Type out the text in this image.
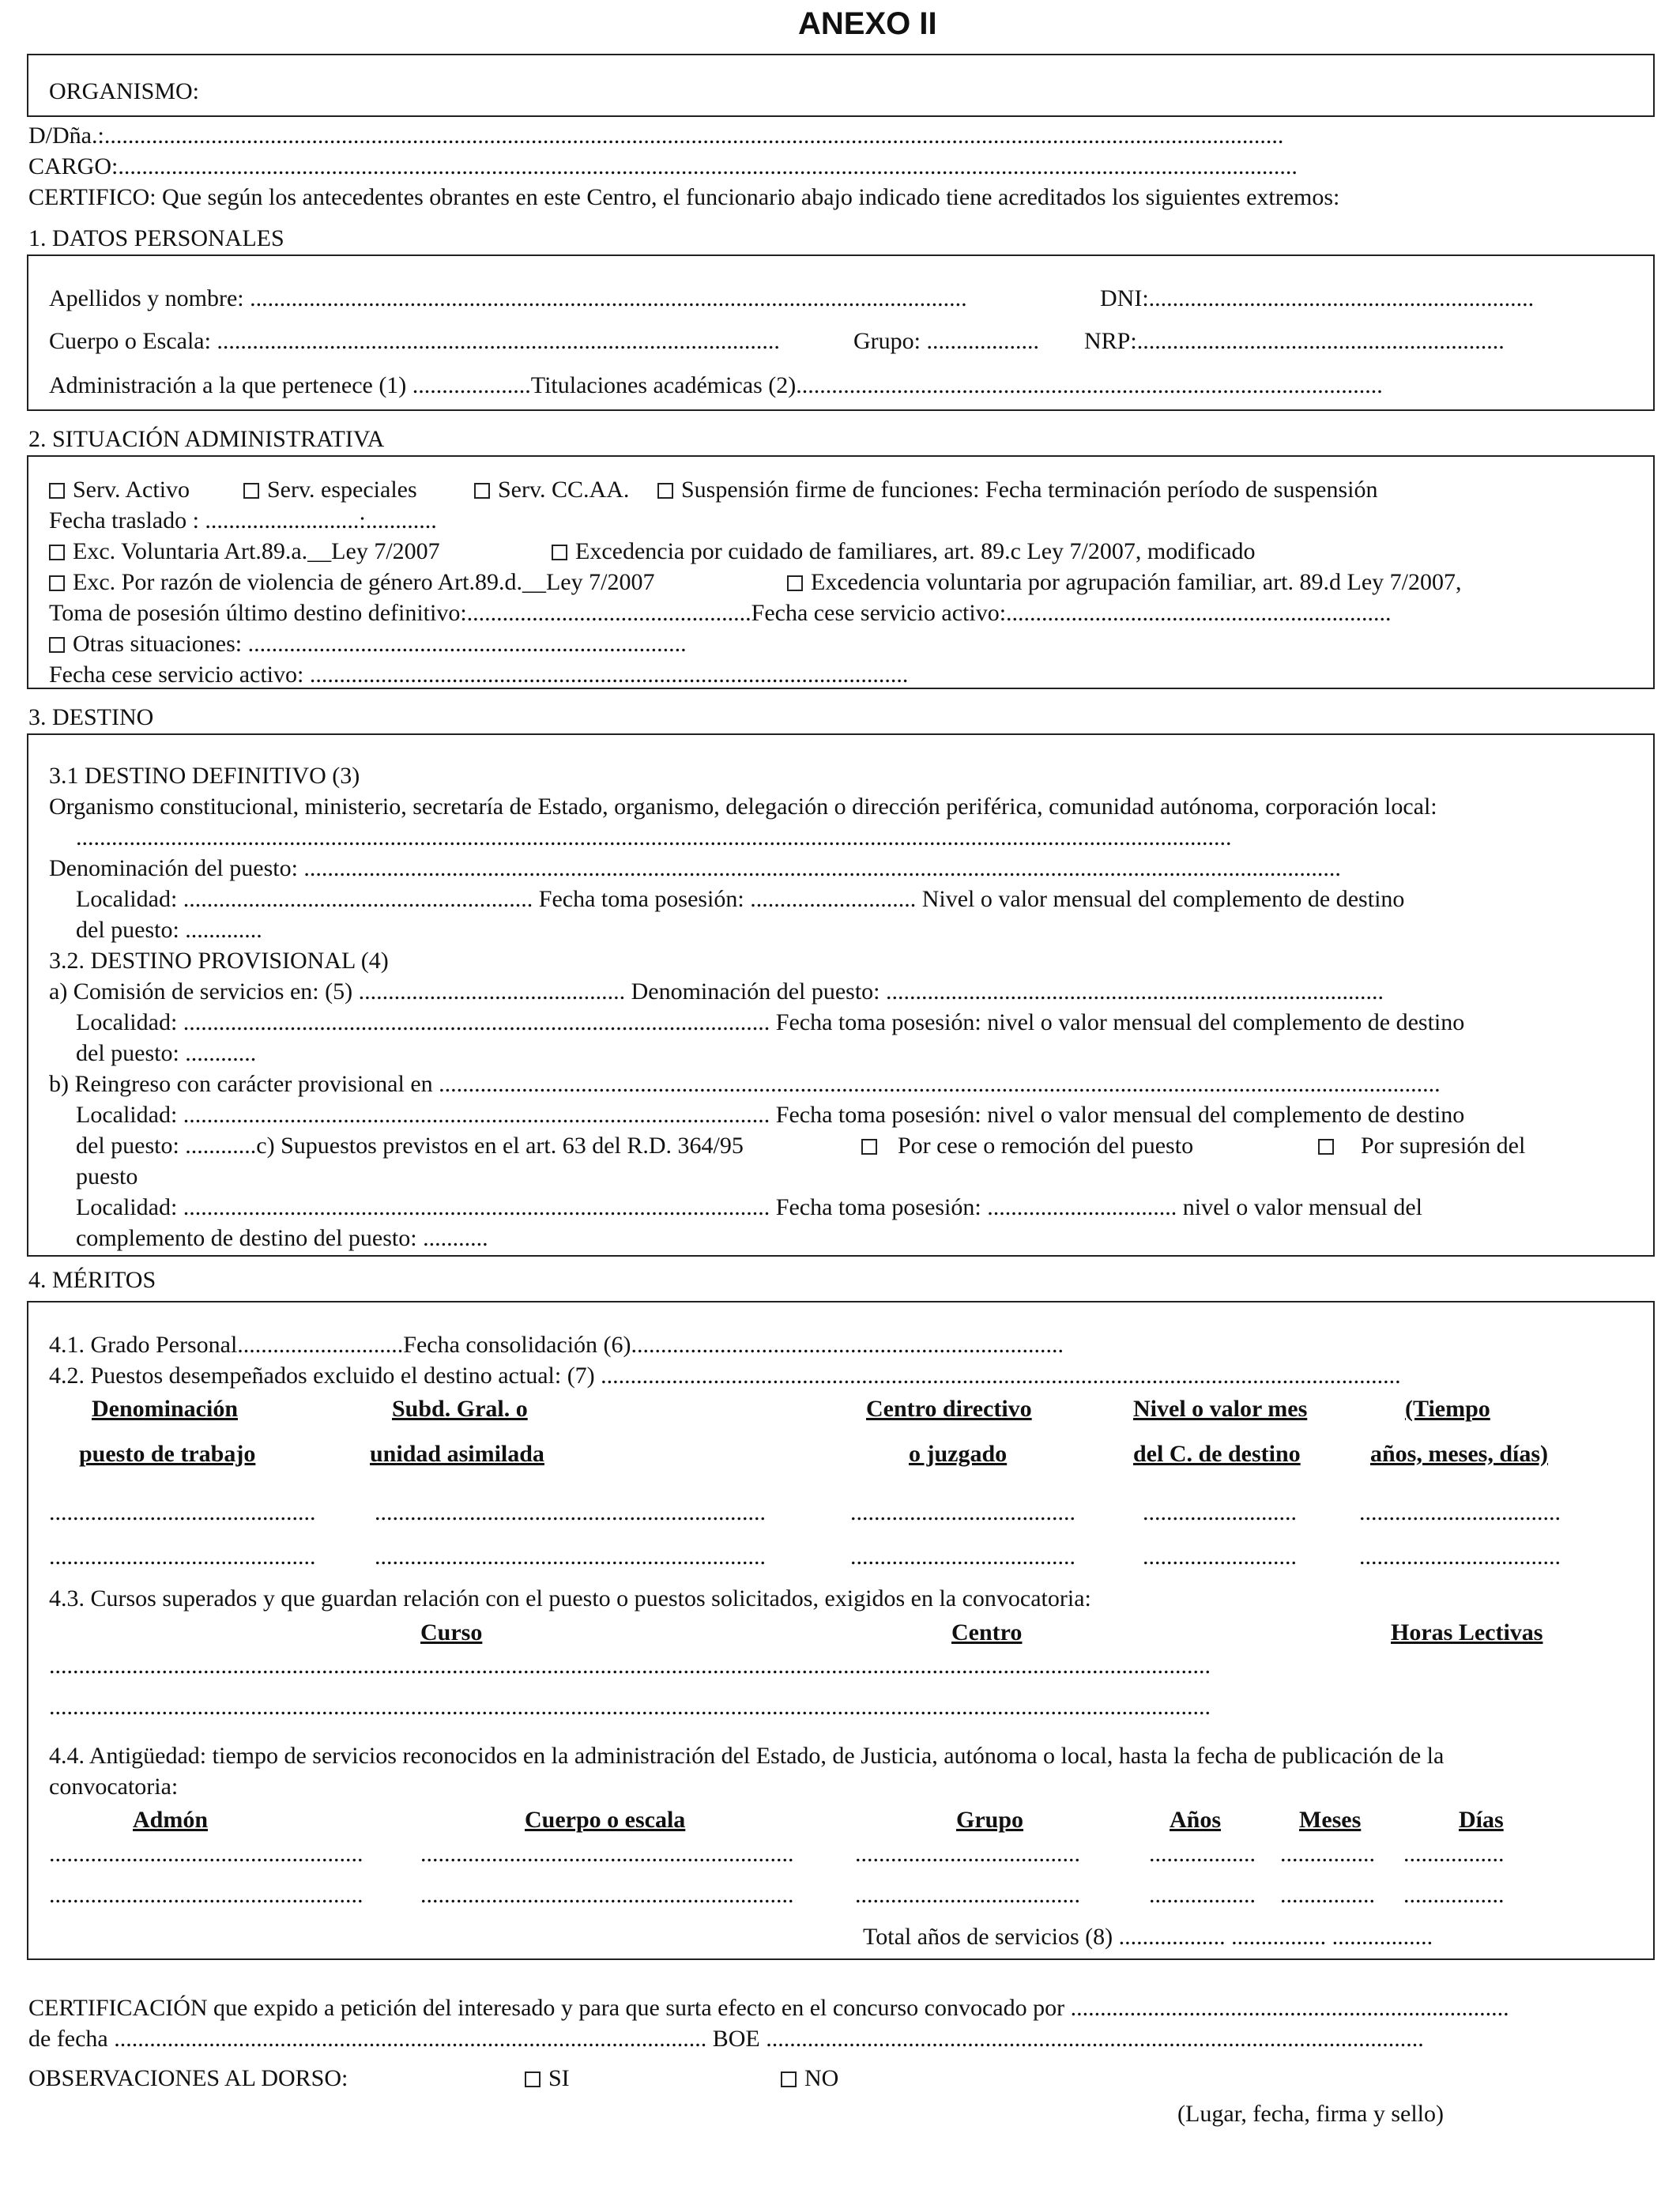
ANEXO II
ORGANISMO:
D/Dña.:.......................................................................................................................................................................................................
CARGO:.......................................................................................................................................................................................................
CERTIFICO: Que según los antecedentes obrantes en este Centro, el funcionario abajo indicado tiene acreditados los siguientes extremos:
1. DATOS PERSONALES
Apellidos y nombre: .........................................................................................................................	DNI:.................................................................
Cuerpo o Escala: ...............................................................................................	Grupo: ................... NRP:..............................................................
Administración a la que pertenece (1) ....................Titulaciones académicas (2)...................................................................................................
2. SITUACIÓN ADMINISTRATIVA
Serv. Activo	Serv. especiales	Serv. CC.AA.	Suspensión firme de funciones: Fecha terminación período de suspensión
Fecha traslado : ..........................:............
Exc. Voluntaria Art.89.a.__Ley 7/2007	Excedencia por cuidado de familiares, art. 89.c Ley 7/2007, modificado
Exc. Por razón de violencia de género Art.89.d.__Ley 7/2007	Excedencia voluntaria por agrupación familiar, art. 89.d Ley 7/2007,
Toma de posesión último destino definitivo:................................................Fecha cese servicio activo:.................................................................
Otras situaciones: ..........................................................................
Fecha cese servicio activo: .....................................................................................................
3. DESTINO
3.1 DESTINO DEFINITIVO (3)
Organismo constitucional, ministerio, secretaría de Estado, organismo, delegación o dirección periférica, comunidad autónoma, corporación local:
...................................................................................................................................................................................................
Denominación del puesto: ...............................................................................................................................................................................
Localidad: ........................................................... Fecha toma posesión: ............................ Nivel o valor mensual del complemento de destino
del puesto: .............
3.2. DESTINO PROVISIONAL (4)
a) Comisión de servicios en: (5) ............................................. Denominación del puesto: ....................................................................................
Localidad: ................................................................................................... Fecha toma posesión: nivel o valor mensual del complemento de destino
del puesto: ............
b) Reingreso con carácter provisional en .........................................................................................................................................................................
Localidad: ................................................................................................... Fecha toma posesión: nivel o valor mensual del complemento de destino
del puesto: ............c) Supuestos previstos en el art. 63 del R.D. 364/95	Por cese o remoción del puesto	Por supresión del
puesto
Localidad: ................................................................................................... Fecha toma posesión: ................................ nivel o valor mensual del
complemento de destino del puesto: ...........
4. MÉRITOS
4.1. Grado Personal............................Fecha consolidación (6).........................................................................
4.2. Puestos desempeñados excluido el destino actual: (7) .......................................................................................................................................
Denominación	Subd. Gral. o	Centro directivo	Nivel o valor mes	(Tiempo
puesto de trabajo	unidad asimilada	o juzgado	del C. de destino	años, meses, días)
............................................. ..................................................................	......................................	..........................	..................................
............................................. ..................................................................	......................................	..........................	..................................
4.3. Cursos superados y que guardan relación con el puesto o puestos solicitados, exigidos en la convocatoria:
Curso	Centro	Horas Lectivas
....................................................................................................................................................................................................
....................................................................................................................................................................................................
4.4. Antigüedad: tiempo de servicios reconocidos en la administración del Estado, de Justicia, autónoma o local, hasta la fecha de publicación de la
convocatoria:
Admón	Cuerpo o escala	Grupo	Años	Meses	Días
..................................................... ...............................................................	......................................	.................. ................ .................
..................................................... ...............................................................	......................................	.................. ................ .................
Total años de servicios (8) .................. ................ .................
CERTIFICACIÓN que expido a petición del interesado y para que surta efecto en el concurso convocado por ..........................................................................
de fecha .................................................................................................... BOE ...............................................................................................................
OBSERVACIONES AL DORSO:	SI	NO
(Lugar, fecha, firma y sello)
